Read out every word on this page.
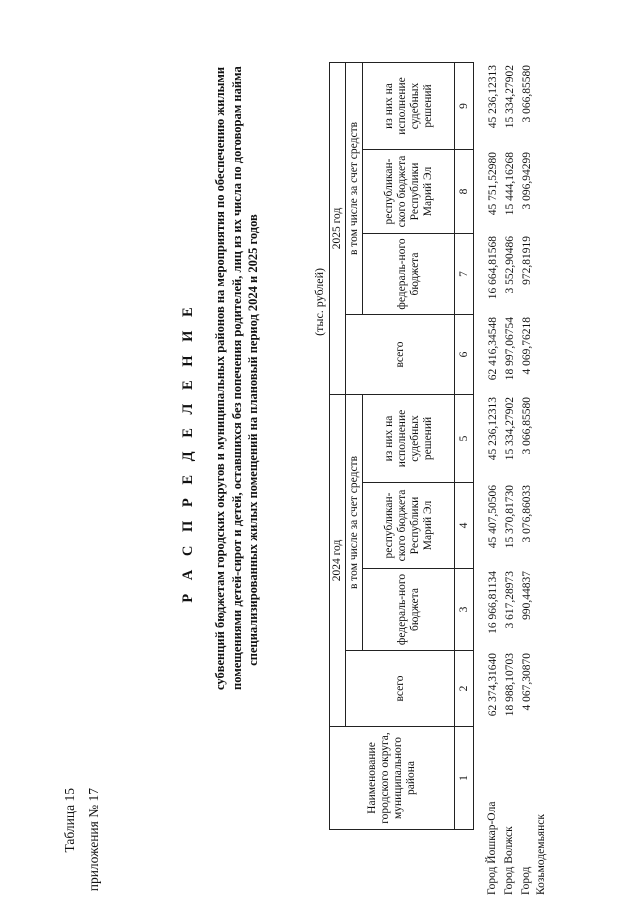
Таблица 15 приложения № 17
Р А С П Р Е Д Е Л Е Н И Е субвенций бюджетам городских округов и муниципальных районов на мероприятия по обеспечению жилыми помещениями детей-сирот и детей, оставшихся без попечения родителей, лиц из их числа по договорам найма специализированных жилых помещений на плановый период 2024 и 2025 годов	(тыс. рублей)
Наименование городского округа, муниципального района	2024 год				2025 год			
	всего	в том числе за счет средств			всего	в том числе за счет средств		
		федераль-ного бюджета	республикан-ского бюджета Республики Марий Эл	из них на исполнение судебных решений		федераль-ного бюджета	республикан-ского бюджета Республики Марий Эл	из них на исполнение судебных решений
1	2	3	4	5	6	7	8	9
Город Йошкар-Ола	62 374,31640	16 966,81134	45 407,50506	45 236,12313	62 416,34548	16 664,81568	45 751,52980	45 236,12313
Город Волжск	18 988,10703	3 617,28973	15 370,81730	15 334,27902	18 997,06754	3 552,90486	15 444,16268	15 334,27902
Город Козьмодемьянск	4 067,30870	990,44837	3 076,86033	3 066,85580	4 069,76218	972,81919	3 096,94299	3 066,85580
